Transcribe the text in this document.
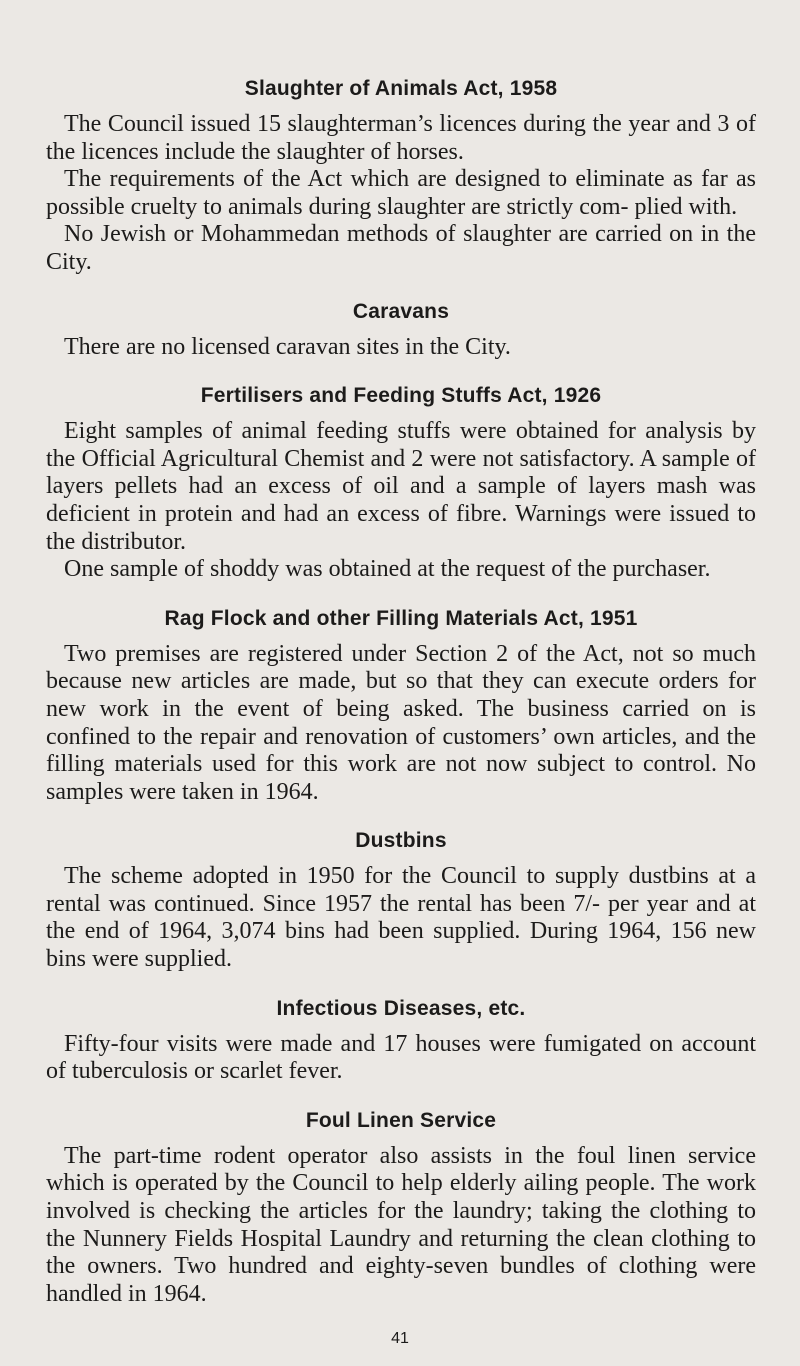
Slaughter of Animals Act, 1958

The Council issued 15 slaughterman’s licences during the year and 3 of the licences include the slaughter of horses.

The requirements of the Act which are designed to eliminate as far as possible cruelty to animals during slaughter are strictly com- plied with.

No Jewish or Mohammedan methods of slaughter are carried on in the City.

Caravans

There are no licensed caravan sites in the City.

Fertilisers and Feeding Stuffs Act, 1926

Eight samples of animal feeding stuffs were obtained for analysis by the Official Agricultural Chemist and 2 were not satisfactory. A sample of layers pellets had an excess of oil and a sample of layers mash was deficient in protein and had an excess of fibre. Warnings were issued to the distributor.

One sample of shoddy was obtained at the request of the purchaser.

Rag Flock and other Filling Materials Act, 1951

Two premises are registered under Section 2 of the Act, not so much because new articles are made, but so that they can execute orders for new work in the event of being asked. The business carried on is confined to the repair and renovation of customers’ own articles, and the filling materials used for this work are not now subject to control. No samples were taken in 1964.

Dustbins

The scheme adopted in 1950 for the Council to supply dustbins at a rental was continued. Since 1957 the rental has been 7/- per year and at the end of 1964, 3,074 bins had been supplied. During 1964, 156 new bins were supplied.

Infectious Diseases, etc.

Fifty-four visits were made and 17 houses were fumigated on account of tuberculosis or scarlet fever.

Foul Linen Service

The part-time rodent operator also assists in the foul linen service which is operated by the Council to help elderly ailing people. The work involved is checking the articles for the laundry; taking the clothing to the Nunnery Fields Hospital Laundry and returning the clean clothing to the owners. Two hundred and eighty-seven bundles of clothing were handled in 1964.

41
